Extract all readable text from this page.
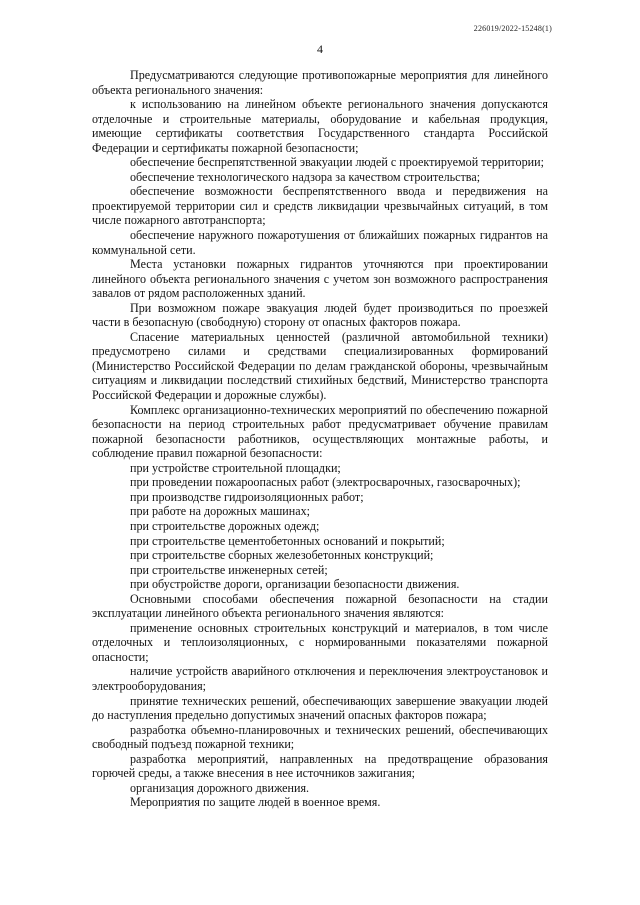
226019/2022-15248(1)
4

Предусматриваются следующие противопожарные мероприятия для линейного объекта регионального значения:

к использованию на линейном объекте регионального значения допускаются отделочные и строительные материалы, оборудование и кабельная продукция, имеющие сертификаты соответствия Государственного стандарта Российской Федерации и сертификаты пожарной безопасности;

обеспечение беспрепятственной эвакуации людей с проектируемой территории;

обеспечение технологического надзора за качеством строительства;

обеспечение возможности беспрепятственного ввода и передвижения на проектируемой территории сил и средств ликвидации чрезвычайных ситуаций, в том числе пожарного автотранспорта;

обеспечение наружного пожаротушения от ближайших пожарных гидрантов на коммунальной сети.

Места установки пожарных гидрантов уточняются при проектировании линейного объекта регионального значения с учетом зон возможного распространения завалов от рядом расположенных зданий.

При возможном пожаре эвакуация людей будет производиться по проезжей части в безопасную (свободную) сторону от опасных факторов пожара.

Спасение материальных ценностей (различной автомобильной техники) предусмотрено силами и средствами специализированных формирований (Министерство Российской Федерации по делам гражданской обороны, чрезвычайным ситуациям и ликвидации последствий стихийных бедствий, Министерство транспорта Российской Федерации и дорожные службы).

Комплекс организационно-технических мероприятий по обеспечению пожарной безопасности на период строительных работ предусматривает обучение правилам пожарной безопасности работников, осуществляющих монтажные работы, и соблюдение правил пожарной безопасности:

при устройстве строительной площадки;

при проведении пожароопасных работ (электросварочных, газосварочных);

при производстве гидроизоляционных работ;

при работе на дорожных машинах;

при строительстве дорожных одежд;

при строительстве цементобетонных оснований и покрытий;

при строительстве сборных железобетонных конструкций;

при строительстве инженерных сетей;

при обустройстве дороги, организации безопасности движения.

Основными способами обеспечения пожарной безопасности на стадии эксплуатации линейного объекта регионального значения являются:

применение основных строительных конструкций и материалов, в том числе отделочных и теплоизоляционных, с нормированными показателями пожарной опасности;

наличие устройств аварийного отключения и переключения электроустановок и электрооборудования;

принятие технических решений, обеспечивающих завершение эвакуации людей до наступления предельно допустимых значений опасных факторов пожара;

разработка объемно-планировочных и технических решений, обеспечивающих свободный подъезд пожарной техники;

разработка мероприятий, направленных на предотвращение образования горючей среды, а также внесения в нее источников зажигания;

организация дорожного движения.

Мероприятия по защите людей в военное время.
